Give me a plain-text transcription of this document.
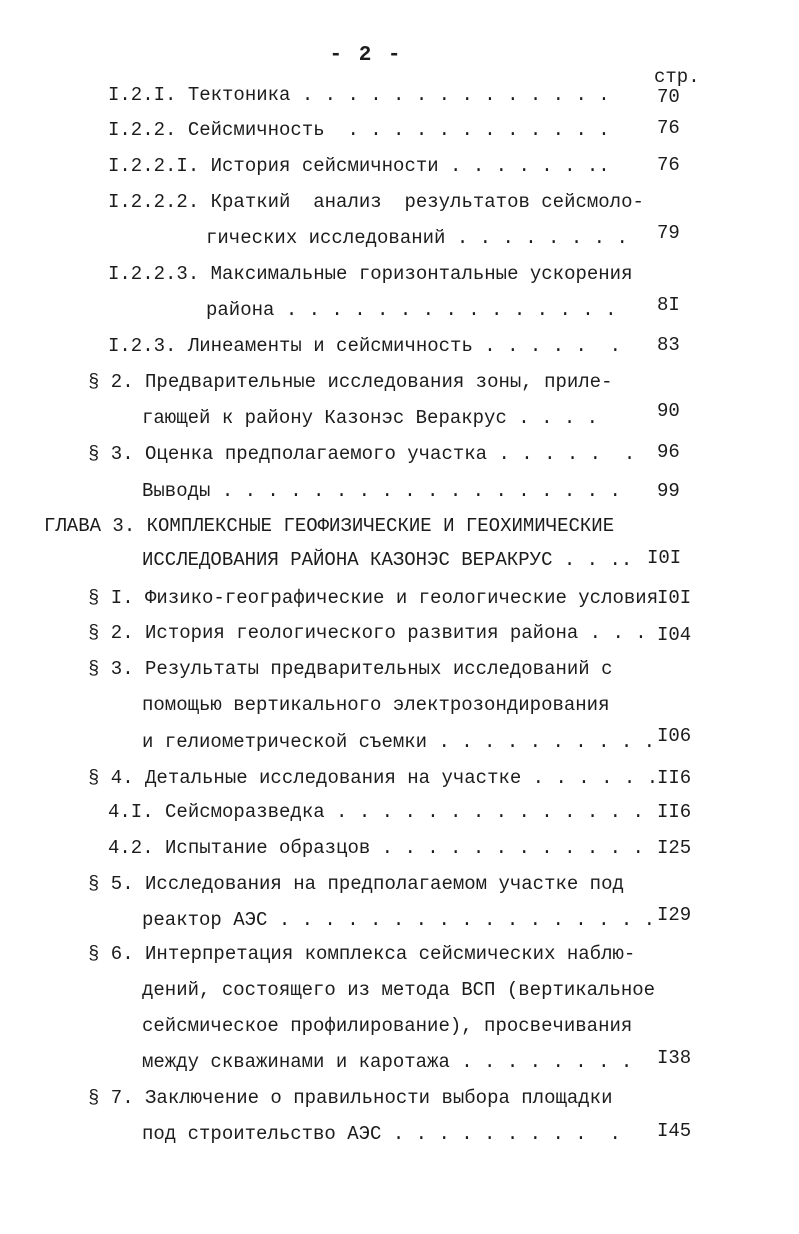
- 2 -
стр.
I.2.I. Тектоника . . . . . . . . . . . . . . 70
I.2.2. Сейсмичность  . . . . . . . . . . . . 76
I.2.2.I. История сейсмичности . . . . . . .. 76
I.2.2.2. Краткий  анализ  результатов сейсмоло-
гических исследований . . . . . . . . 79
I.2.2.3. Максимальные горизонтальные ускорения
района . . . . . . . . . . . . . . . 8I
I.2.3. Линеаменты и сейсмичность . . . . .  . 83
§ 2. Предварительные исследования зоны, приле-
гающей к району Казонэс Веракрус . . . .	90
§ 3. Оценка предполагаемого участка . . . . .  . 96
Выводы . . . . . . . . . . . . . . . . . . 99
ГЛАВА 3. КОМПЛЕКСНЫЕ ГЕОФИЗИЧЕСКИЕ И ГЕОХИМИЧЕСКИЕ
ИССЛЕДОВАНИЯ РАЙОНА КАЗОНЭС ВЕРАКРУС . . .. I0I
§ I. Физико-географические и геологические условия
I0I
§ 2. История геологического развития района . . . I04
§ 3. Результаты предварительных исследований с
помощью вертикального электрозондирования
и гелиометрической съемки . . . . . . . . . . I06
§ 4. Детальные исследования на участке . . . . . .
II6
4.I. Сейсморазведка . . . . . . . . . . . . . . II6
4.2. Испытание образцов . . . . . . . . . . . . I25
§ 5. Исследования на предполагаемом участке под
реактор АЭС . . . . . . . . . . . . . . . . . I29
§ 6. Интерпретация комплекса сейсмических наблю-
дений, состоящего из метода ВСП (вертикальное
сейсмическое профилирование), просвечивания
между скважинами и каротажа . . . . . . . . I38
§ 7. Заключение о правильности выбора площадки
под строительство АЭС . . . . . . . . .  . I45
